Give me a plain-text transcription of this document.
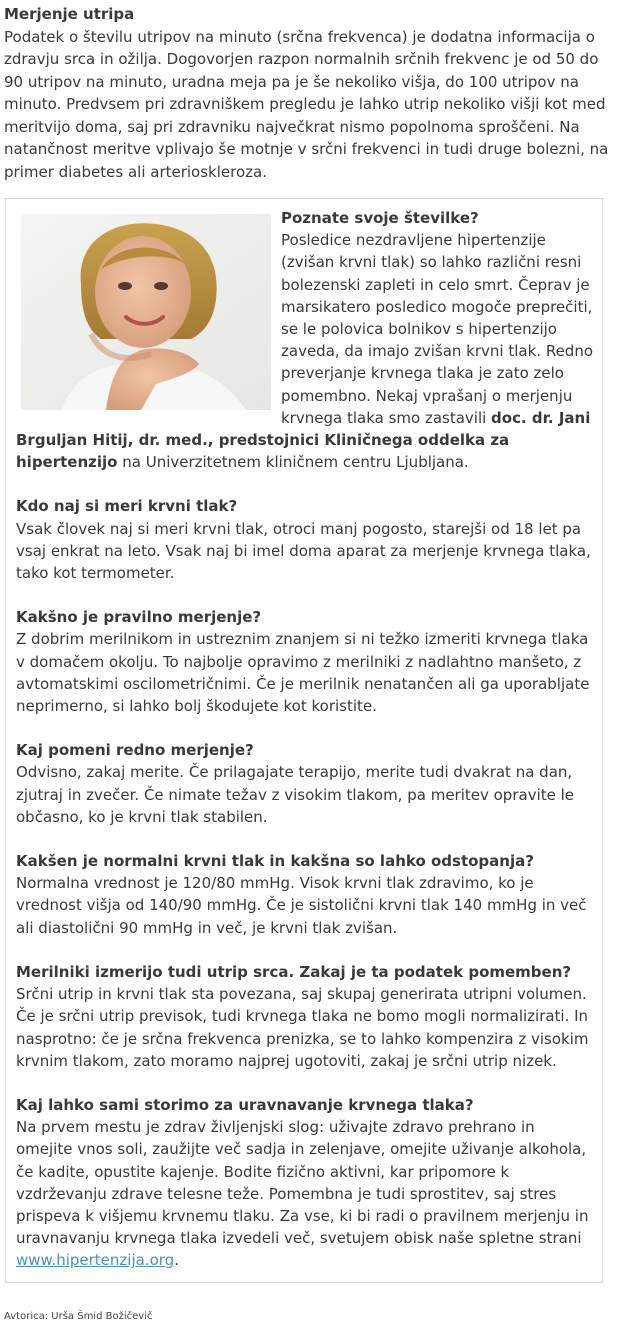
Merjenje utripa

Podatek o številu utripov na minuto (srčna frekvenca) je dodatna informacija o zdravju srca in ožilja. Dogovorjen razpon normalnih srčnih frekvenc je od 50 do 90 utripov na minuto, uradna meja pa je še nekoliko višja, do 100 utripov na minuto. Predvsem pri zdravniškem pregledu je lahko utrip nekoliko višji kot med meritvijo doma, saj pri zdravniku največkrat nismo popolnoma sproščeni. Na natančnost meritve vplivajo še motnje v srčni frekvenci in tudi druge bolezni, na primer diabetes ali arterioskleroza.

Poznate svoje številke?

Posledice nezdravljene hipertenzije (zvišan krvni tlak) so lahko različni resni bolezenski zapleti in celo smrt. Čeprav je marsikatero posledico mogoče preprečiti, se le polovica bolnikov s hipertenzijo zaveda, da imajo zvišan krvni tlak. Redno preverjanje krvnega tlaka je zato zelo pomembno. Nekaj vprašanj o merjenju krvnega tlaka smo zastavili doc. dr. Jani Brguljan Hitij, dr. med., predstojnici Kliničnega oddelka za hipertenzijo na Univerzitetnem kliničnem centru Ljubljana.

Kdo naj si meri krvni tlak?

Vsak človek naj si meri krvni tlak, otroci manj pogosto, starejši od 18 let pa vsaj enkrat na leto. Vsak naj bi imel doma aparat za merjenje krvnega tlaka, tako kot termometer.

Kakšno je pravilno merjenje?

Z dobrim merilnikom in ustreznim znanjem si ni težko izmeriti krvnega tlaka v domačem okolju. To najbolje opravimo z merilniki z nadlahtno manšeto, z avtomatskimi oscilometričnimi. Če je merilnik nenatančen ali ga uporabljate neprimerno, si lahko bolj škodujete kot koristite.

Kaj pomeni redno merjenje?

Odvisno, zakaj merite. Če prilagajate terapijo, merite tudi dvakrat na dan, zjutraj in zvečer. Če nimate težav z visokim tlakom, pa meritev opravite le občasno, ko je krvni tlak stabilen.

Kakšen je normalni krvni tlak in kakšna so lahko odstopanja?

Normalna vrednost je 120/80 mmHg. Visok krvni tlak zdravimo, ko je vrednost višja od 140/90 mmHg. Če je sistolični krvni tlak 140 mmHg in več ali diastolični 90 mmHg in več, je krvni tlak zvišan.

Merilniki izmerijo tudi utrip srca. Zakaj je ta podatek pomemben?

Srčni utrip in krvni tlak sta povezana, saj skupaj generirata utripni volumen. Če je srčni utrip previsok, tudi krvnega tlaka ne bomo mogli normalizirati. In nasprotno: če je srčna frekvenca prenizka, se to lahko kompenzira z visokim krvnim tlakom, zato moramo najprej ugotoviti, zakaj je srčni utrip nizek.

Kaj lahko sami storimo za uravnavanje krvnega tlaka?

Na prvem mestu je zdrav življenjski slog: uživajte zdravo prehrano in omejite vnos soli, zaužijte več sadja in zelenjave, omejite uživanje alkohola, če kadite, opustite kajenje. Bodite fizično aktivni, kar pripomore k vzdrževanju zdrave telesne teže. Pomembna je tudi sprostitev, saj stres prispeva k višjemu krvnemu tlaku. Za vse, ki bi radi o pravilnem merjenju in uravnavanju krvnega tlaka izvedeli več, svetujem obisk naše spletne strani www.hipertenzija.org.

Avtorica: Urša Šmid Božičevič
